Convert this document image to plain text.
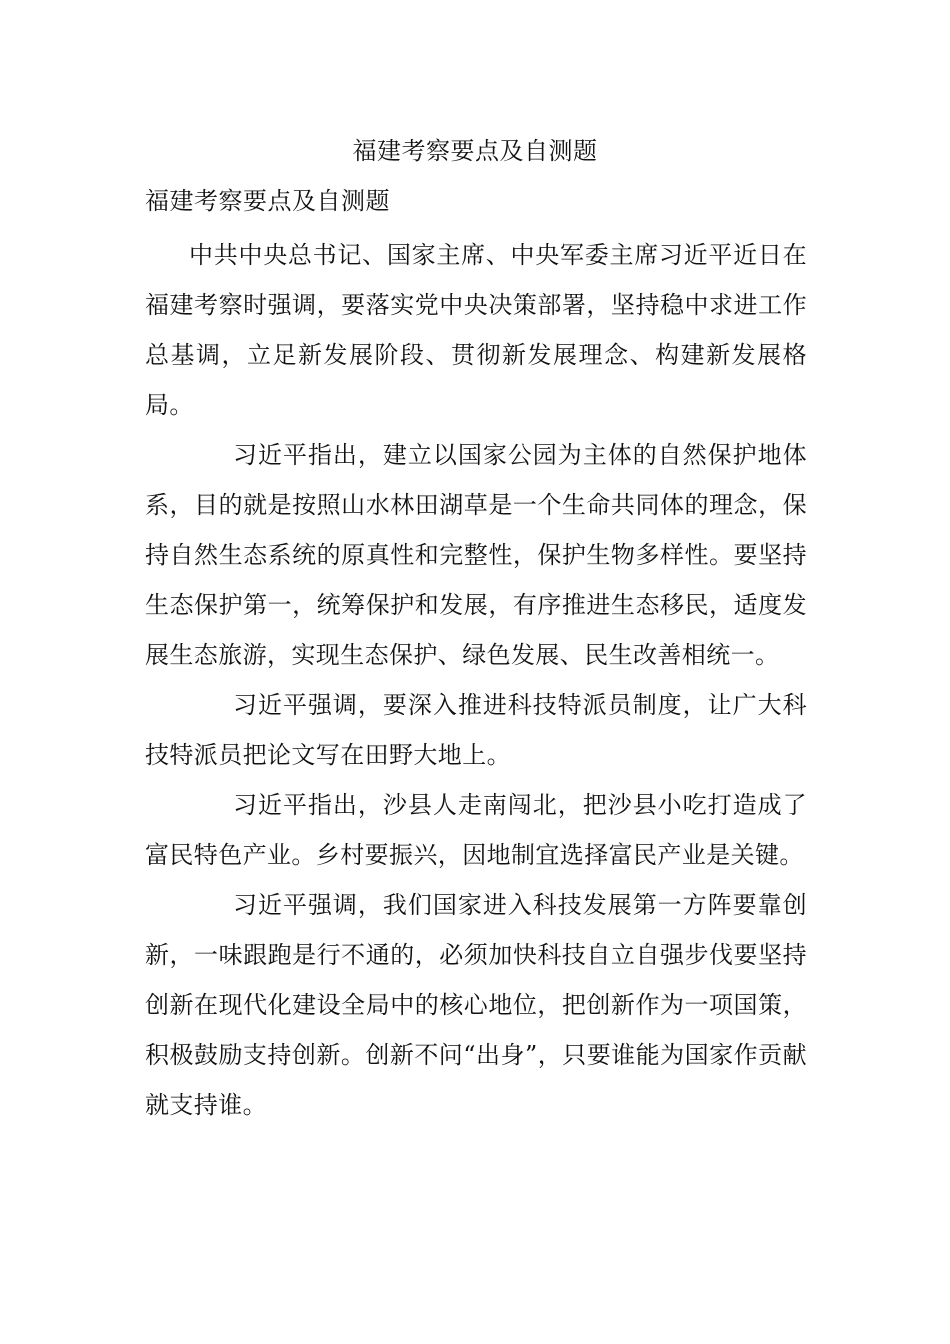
福建考察要点及自测题
福建考察要点及自测题

中共中央总书记、国家主席、中央军委主席习近平近日在福建考察时强调，要落实党中央决策部署，坚持稳中求进工作总基调，立足新发展阶段、贯彻新发展理念、构建新发展格局。

习近平指出，建立以国家公园为主体的自然保护地体系，目的就是按照山水林田湖草是一个生命共同体的理念，保持自然生态系统的原真性和完整性，保护生物多样性。要坚持生态保护第一，统筹保护和发展，有序推进生态移民，适度发展生态旅游，实现生态保护、绿色发展、民生改善相统一。

习近平强调，要深入推进科技特派员制度，让广大科技特派员把论文写在田野大地上。

习近平指出，沙县人走南闯北，把沙县小吃打造成了富民特色产业。乡村要振兴，因地制宜选择富民产业是关键。

习近平强调，我们国家进入科技发展第一方阵要靠创新，一味跟跑是行不通的，必须加快科技自立自强步伐要坚持创新在现代化建设全局中的核心地位，把创新作为一项国策，积极鼓励支持创新。创新不问“出身”，只要谁能为国家作贡献就支持谁。
